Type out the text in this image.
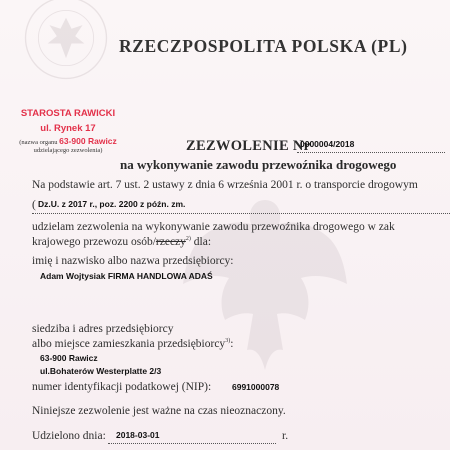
RZECZPOSPOLITA POLSKA (PL)
STAROSTA RAWICKI
ul. Rynek 17
(nazwa organu 63-900 Rawicz
udzielającego zezwolenia)	ZEZWOLENIE Nr
0000004/2018
na wykonywanie zawodu przewoźnika drogowego
Na podstawie art. 7 ust. 2 ustawy z dnia 6 września 2001 r. o transporcie drogowym
( Dz.U. z 2017 r., poz. 2200 z późn. zm.
udzielam zezwolenia na wykonywanie zawodu przewoźnika drogowego w zak
krajowego przewozu osób/rzeczy$^{2)}$ dla:
imię i nazwisko albo nazwa przedsiębiorcy:
Adam Wojtysiak FIRMA HANDLOWA ADAŚ
siedziba i adres przedsiębiorcy
albo miejsce zamieszkania przedsiębiorcy$^{3)}$:
63-900 Rawicz
ul.Bohaterów Westerplatte 2/3
numer identyfikacji podatkowej (NIP): 6991000078
Niniejsze zezwolenie jest ważne na czas nieoznaczony.
Udzielono dnia: 2018-03-01	r.
